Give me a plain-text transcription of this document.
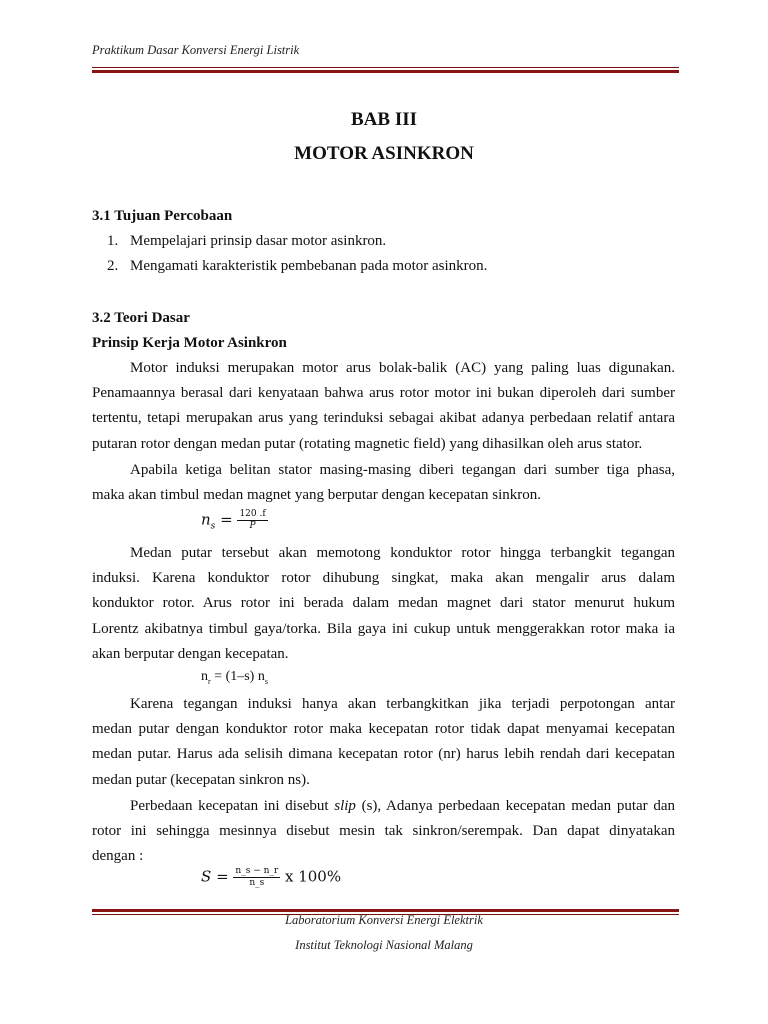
Praktikum Dasar Konversi Energi Listrik
BAB III
MOTOR ASINKRON
3.1 Tujuan Percobaan
1. Mempelajari prinsip dasar motor asinkron.
2. Mengamati karakteristik pembebanan pada motor asinkron.
3.2 Teori Dasar
Prinsip Kerja Motor Asinkron
Motor induksi merupakan motor arus bolak-balik (AC) yang paling luas digunakan.
Penamaannya berasal dari kenyataan bahwa arus rotor motor ini bukan diperoleh dari sumber
tertentu, tetapi merupakan arus yang terinduksi sebagai akibat adanya perbedaan relatif antara
putaran rotor dengan medan putar (rotating magnetic field) yang dihasilkan oleh arus stator.
Apabila ketiga belitan stator masing-masing diberi tegangan dari sumber tiga phasa,
maka akan timbul medan magnet yang berputar dengan kecepatan sinkron.
$n_s = \frac{120 .f}{P}$
Medan putar tersebut akan memotong konduktor rotor hingga terbangkit tegangan
induksi. Karena konduktor rotor dihubung singkat, maka akan mengalir arus dalam
konduktor rotor. Arus rotor ini berada dalam medan magnet dari stator menurut hukum
Lorentz akibatnya timbul gaya/torka. Bila gaya ini cukup untuk menggerakkan rotor maka ia
akan berputar dengan kecepatan.
$n_r = (1-s)$ $n_s$
Karena tegangan induksi hanya akan terbangkitkan jika terjadi perpotongan antar
medan putar dengan konduktor rotor maka kecepatan rotor tidak dapat menyamai kecepatan
medan putar. Harus ada selisih dimana kecepatan rotor (nr) harus lebih rendah dari kecepatan
medan putar (kecepatan sinkron ns).
Perbedaan kecepatan ini disebut slip (s), Adanya perbedaan kecepatan medan putar dan
rotor ini sehingga mesinnya disebut mesin tak sinkron/serempak. Dan dapat dinyatakan
dengan :
$S = \frac{n\_s - n\_r}{n\_s}$ x 100%
Laboratorium Konversi Energi Elektrik
Institut Teknologi Nasional Malang
